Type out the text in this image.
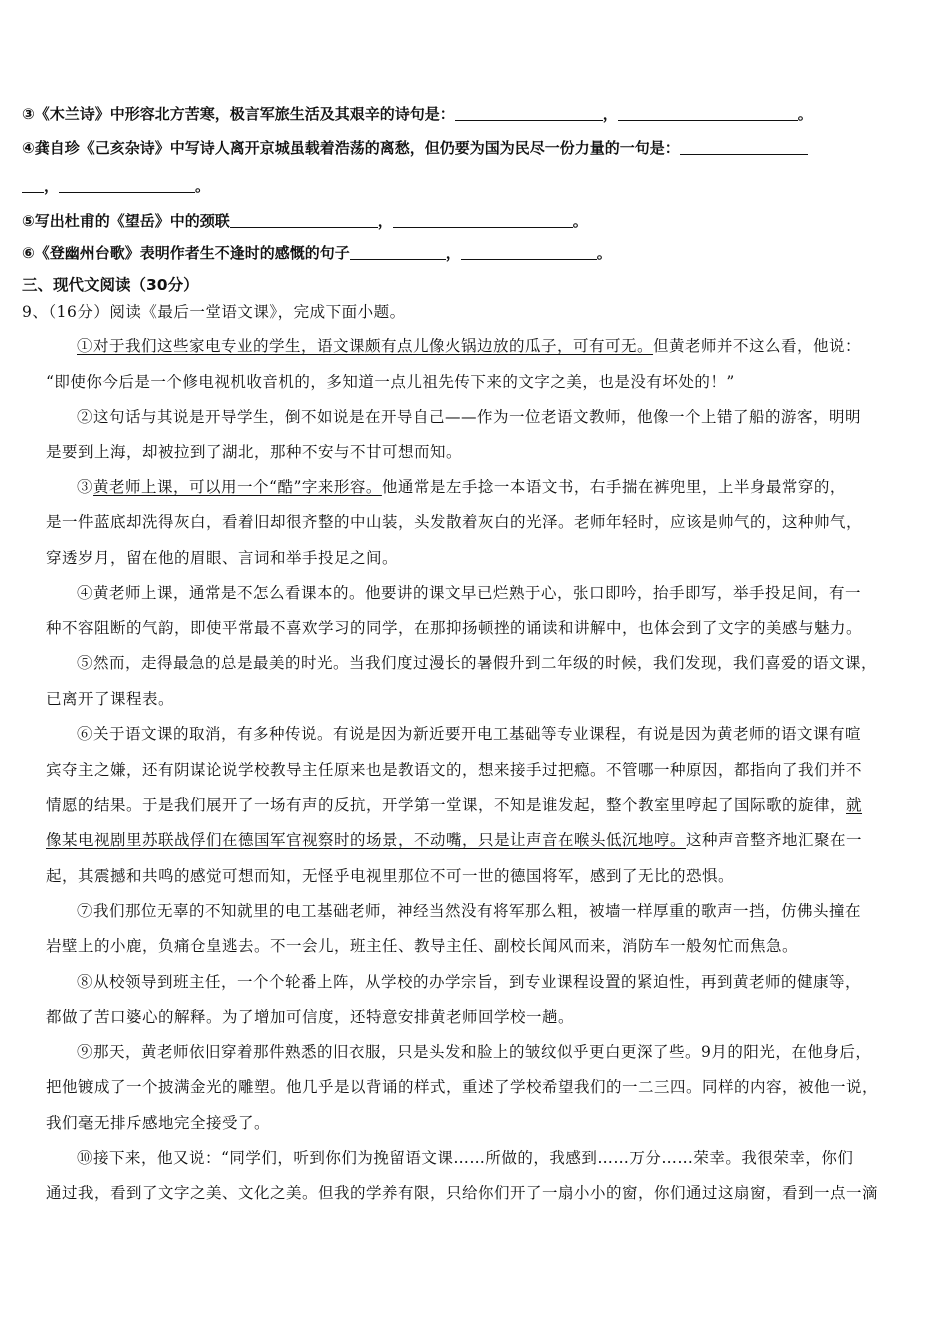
③《木兰诗》中形容北方苦寒，极言军旅生活及其艰辛的诗句是：	，	。
④龚自珍《己亥杂诗》中写诗人离开京城虽载着浩荡的离愁，但仍要为国为民尽一份力量的一句是：
，	。
⑤写出杜甫的《望岳》中的颈联	，	。
⑥《登幽州台歌》表明作者生不逢时的感慨的句子	，	。
三、现代文阅读（30分）
9、（16分）阅读《最后一堂语文课》，完成下面小题。
①对于我们这些家电专业的学生，语文课颇有点儿像火锅边放的瓜子，可有可无。但黄老师并不这么看，他说：
“即使你今后是一个修电视机收音机的，多知道一点儿祖先传下来的文字之美，也是没有坏处的！”
②这句话与其说是开导学生，倒不如说是在开导自己——作为一位老语文教师，他像一个上错了船的游客，明明
是要到上海，却被拉到了湖北，那种不安与不甘可想而知。
③黄老师上课，可以用一个“酷”字来形容。他通常是左手捻一本语文书，右手揣在裤兜里，上半身最常穿的，
是一件蓝底却洗得灰白，看着旧却很齐整的中山装，头发散着灰白的光泽。老师年轻时，应该是帅气的，这种帅气，
穿透岁月，留在他的眉眼、言词和举手投足之间。
④黄老师上课，通常是不怎么看课本的。他要讲的课文早已烂熟于心，张口即吟，抬手即写，举手投足间，有一
种不容阻断的气韵，即使平常最不喜欢学习的同学，在那抑扬顿挫的诵读和讲解中，也体会到了文字的美感与魅力。
⑤然而，走得最急的总是最美的时光。当我们度过漫长的暑假升到二年级的时候，我们发现，我们喜爱的语文课，
已离开了课程表。
⑥关于语文课的取消，有多种传说。有说是因为新近要开电工基础等专业课程，有说是因为黄老师的语文课有喧
宾夺主之嫌，还有阴谋论说学校教导主任原来也是教语文的，想来接手过把瘾。不管哪一种原因，都指向了我们并不
情愿的结果。于是我们展开了一场有声的反抗，开学第一堂课，不知是谁发起，整个教室里哼起了国际歌的旋律，就
像某电视剧里苏联战俘们在德国军官视察时的场景，不动嘴，只是让声音在喉头低沉地哼。这种声音整齐地汇聚在一
起，其震撼和共鸣的感觉可想而知，无怪乎电视里那位不可一世的德国将军，感到了无比的恐惧。
⑦我们那位无辜的不知就里的电工基础老师，神经当然没有将军那么粗，被墙一样厚重的歌声一挡，仿佛头撞在
岩壁上的小鹿，负痛仓皇逃去。不一会儿，班主任、教导主任、副校长闻风而来，消防车一般匆忙而焦急。
⑧从校领导到班主任，一个个轮番上阵，从学校的办学宗旨，到专业课程设置的紧迫性，再到黄老师的健康等，
都做了苦口婆心的解释。为了增加可信度，还特意安排黄老师回学校一趟。
⑨那天，黄老师依旧穿着那件熟悉的旧衣服，只是头发和脸上的皱纹似乎更白更深了些。9月的阳光，在他身后，
把他镀成了一个披满金光的雕塑。他几乎是以背诵的样式，重述了学校希望我们的一二三四。同样的内容，被他一说，
我们毫无排斥感地完全接受了。
⑩接下来，他又说：“同学们，听到你们为挽留语文课……所做的，我感到……万分……荣幸。我很荣幸，你们
通过我，看到了文字之美、文化之美。但我的学养有限，只给你们开了一扇小小的窗，你们通过这扇窗，看到一点一滴
